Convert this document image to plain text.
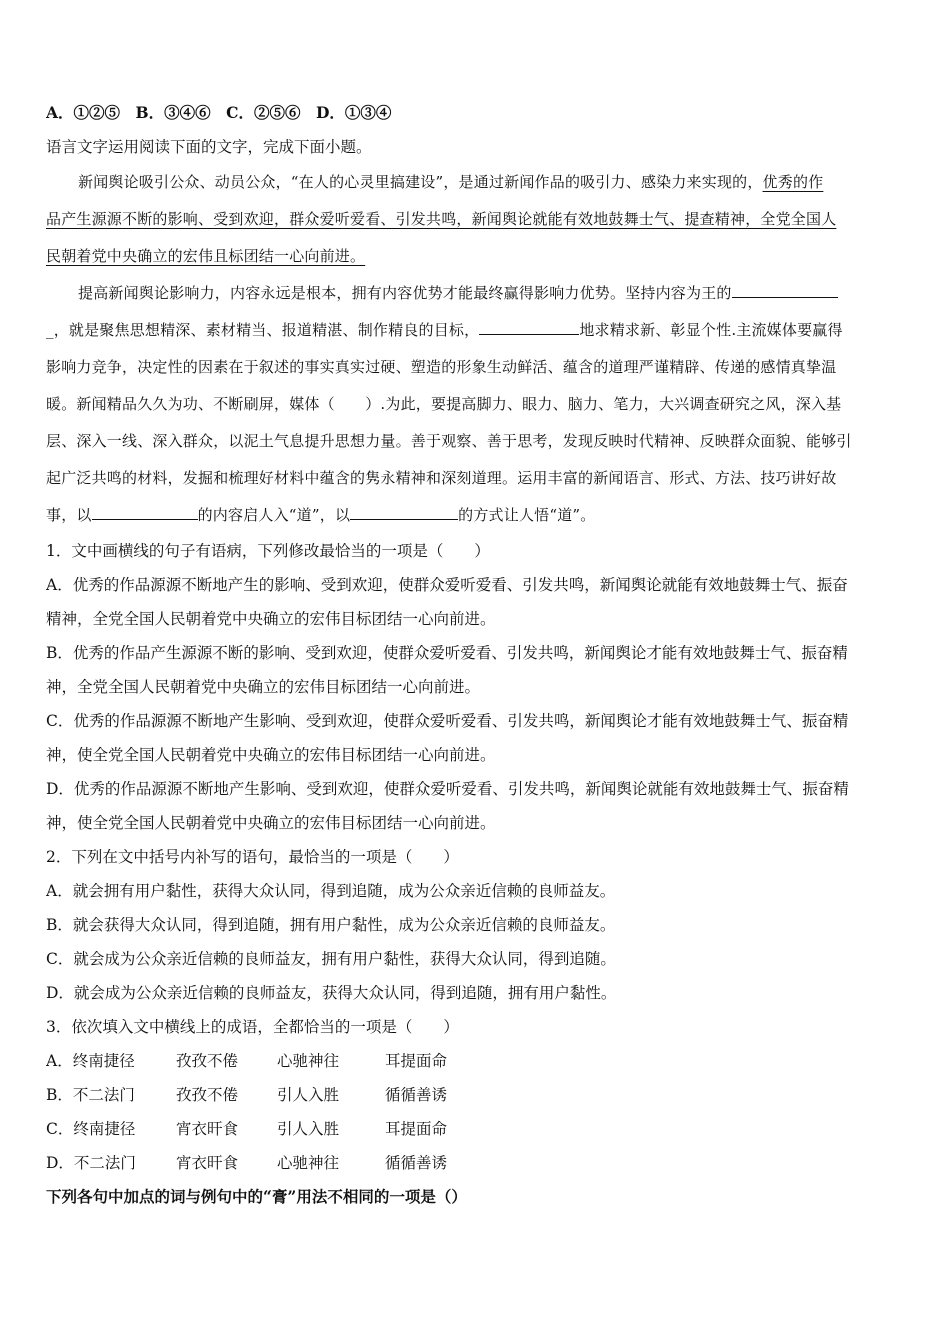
A．①②⑤　B．③④⑥　C．②⑤⑥　D．①③④
语言文字运用阅读下面的文字，完成下面小题。
新闻舆论吸引公众、动员公众，“在人的心灵里搞建设”，是通过新闻作品的吸引力、感染力来实现的，优秀的作
品产生源源不断的影响、受到欢迎，群众爱听爱看、引发共鸣，新闻舆论就能有效地鼓舞士气、提查精神，全党全国人
民朝着党中央确立的宏伟且标团结一心向前进。
提高新闻舆论影响力，内容永远是根本，拥有内容优势才能最终赢得影响力优势。坚持内容为王的
_，就是聚焦思想精深、素材精当、报道精湛、制作精良的目标，	地求精求新、彰显个性.主流媒体要赢得
影响力竞争，决定性的因素在于叙述的事实真实过硬、塑造的形象生动鲜活、蕴含的道理严谨精辟、传递的感情真挚温
暖。新闻精品久久为功、不断刷屏，媒体（　　）.为此，要提高脚力、眼力、脑力、笔力，大兴调查研究之风，深入基
层、深入一线、深入群众，以泥土气息提升思想力量。善于观察、善于思考，发现反映时代精神、反映群众面貌、能够引
起广泛共鸣的材料，发掘和梳理好材料中蕴含的隽永精神和深刻道理。运用丰富的新闻语言、形式、方法、技巧讲好故
事，以	的内容启人入“道”，以	的方式让人悟“道”。
1．文中画横线的句子有语病，下列修改最恰当的一项是（　　）
A．优秀的作品源源不断地产生的影响、受到欢迎，使群众爱听爱看、引发共鸣，新闻舆论就能有效地鼓舞士气、振奋
精神，全党全国人民朝着党中央确立的宏伟目标团结一心向前进。
B．优秀的作品产生源源不断的影响、受到欢迎，使群众爱听爱看、引发共鸣，新闻舆论才能有效地鼓舞士气、振奋精
神，全党全国人民朝着党中央确立的宏伟目标团结一心向前进。
C．优秀的作品源源不断地产生影响、受到欢迎，使群众爱听爱看、引发共鸣，新闻舆论才能有效地鼓舞士气、振奋精
神，使全党全国人民朝着党中央确立的宏伟目标团结一心向前进。
D．优秀的作品源源不断地产生影响、受到欢迎，使群众爱听爱看、引发共鸣，新闻舆论就能有效地鼓舞士气、振奋精
神，使全党全国人民朝着党中央确立的宏伟目标团结一心向前进。
2．下列在文中括号内补写的语句，最恰当的一项是（　　）
A．就会拥有用户黏性，获得大众认同，得到追随，成为公众亲近信赖的良师益友。
B．就会获得大众认同，得到追随，拥有用户黏性，成为公众亲近信赖的良师益友。
C．就会成为公众亲近信赖的良师益友，拥有用户黏性，获得大众认同，得到追随。
D．就会成为公众亲近信赖的良师益友，获得大众认同，得到追随，拥有用户黏性。
3．依次填入文中横线上的成语，全都恰当的一项是（　　）
A．终南捷径	孜孜不倦	心驰神往	耳提面命
B．不二法门	孜孜不倦	引人入胜	循循善诱
C．终南捷径	宵衣旰食	引人入胜	耳提面命
D．不二法门	宵衣旰食	心驰神往	循循善诱
下列各句中加点的词与例句中的“膏”用法不相同的一项是（）
